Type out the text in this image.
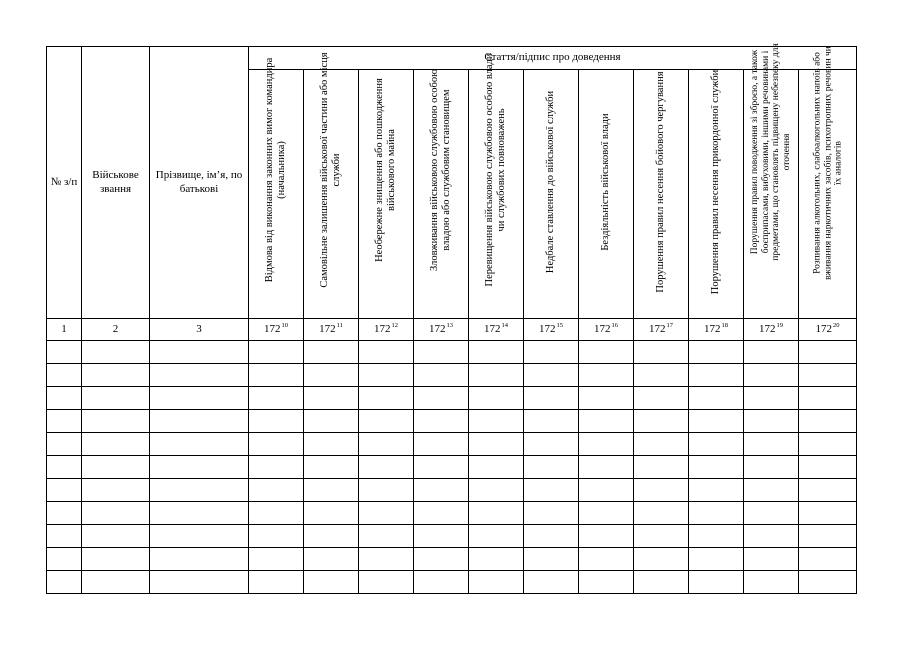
№ з/п	Військове звання	Прізвище, ім’я, по батькові	Стаття/підпис про доведення										

			Відмова від виконання законних вимог командира (начальника)	Самовільне залишення військової частини або місця служби	Необережне знищення або пошкодження військового майна	Зловживання військовою службовою особою владою або службовим становищем	Перевищення військовою службовою особою влади чи службових повноважень	Недбале ставлення до військової служби	Бездіяльність військової влади	Порушення правил несення бойового чергування	Порушення правил несення прикордонної служби	Порушення правил поводження зі зброєю, а також боєприпасами, вибуховими, іншими речовинами і предметами, що становлять підвищену небезпеку для оточення	Розпивання алкогольних, слабоалкогольних напоїв або вживання наркотичних засобів, психотропних речовин чи їх аналогів

1	2	3	$172^{10}$	$172^{11}$	$172^{12}$	$172^{13}$	$172^{14}$	$172^{15}$	$172^{16}$	$172^{17}$	$172^{18}$	$172^{19}$	$172^{20}$
